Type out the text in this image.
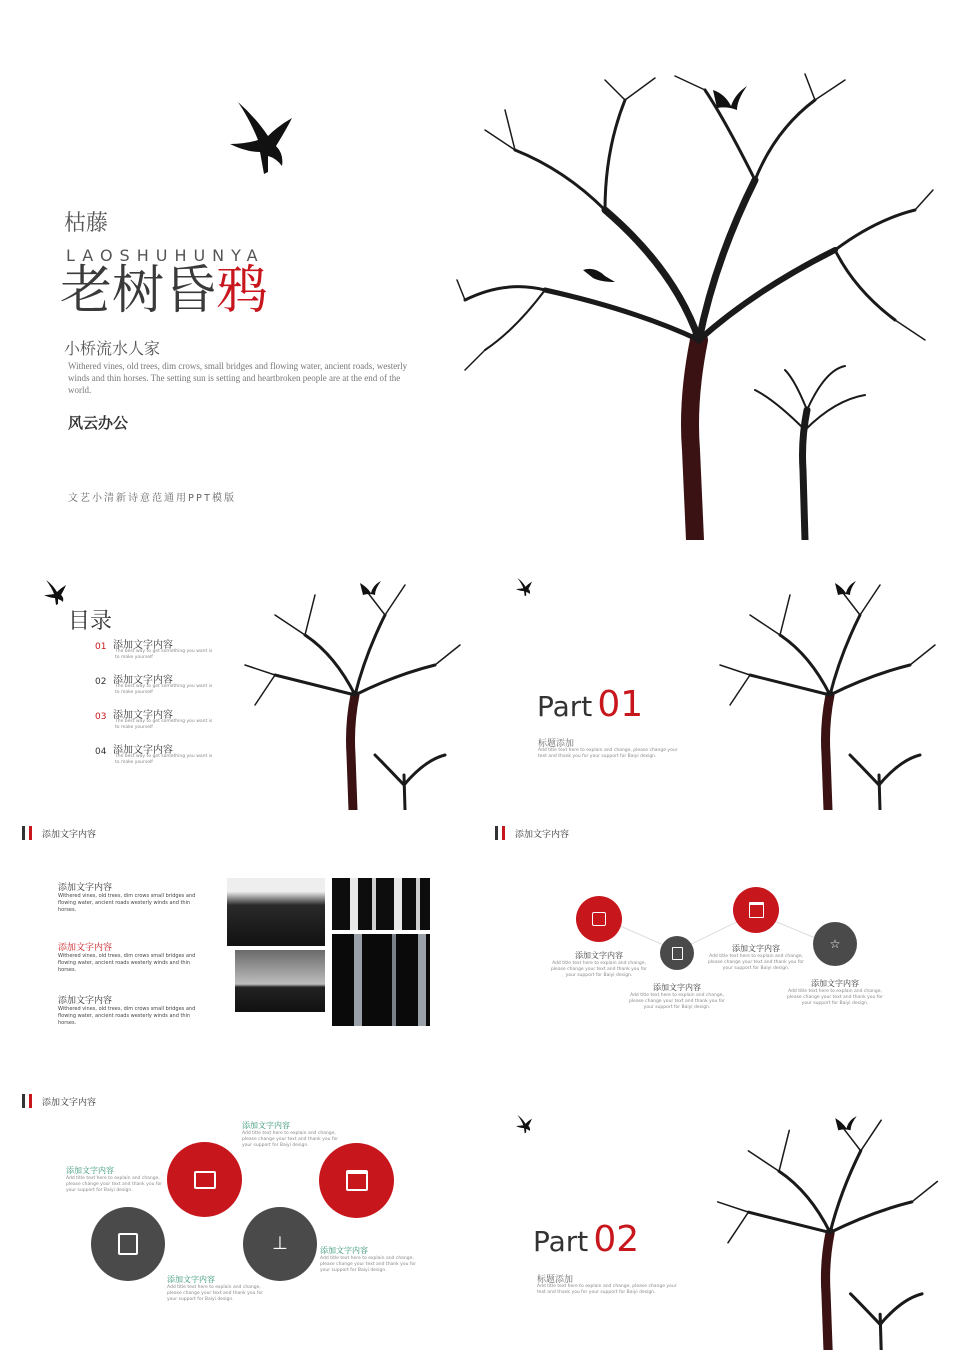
枯藤
LAOSHUHUNYA
老树昏鸦
小桥流水人家
Withered vines, old trees, dim crows, small bridges and flowing water, ancient roads, westerly winds and thin horses. The setting sun is setting and heartbroken people are at the end of the world.
风云办公
文艺小清新诗意范通用PPT模版
目录
01 添加文字内容
The best way to get something you want is to make yourself
02 添加文字内容
The best way to get something you want is to make yourself
03 添加文字内容
The best way to get something you want is to make yourself
04 添加文字内容
The best way to get something you want is to make yourself
Part 01
标题添加
Add title text here to explain and change, please change your text and thank you for your support for Baiyi design.
添加文字内容
添加文字内容
Withered vines, old trees, dim crows small bridges and flowing water, ancient roads westerly winds and thin horses.
添加文字内容
Withered vines, old trees, dim crows small bridges and flowing water, ancient roads westerly winds and thin horses.
添加文字内容
Withered vines, old trees, dim crows small bridges and flowing water, ancient roads westerly winds and thin horses.
添加文字内容
☆
添加文字内容
Add title text here to explain and change, please change your text and thank you for your support for Baiyi design.
添加文字内容
Add title text here to explain and change, please change your text and thank you for your support for Baiyi design.
添加文字内容
Add title text here to explain and change, please change your text and thank you for your support for Baiyi design.
添加文字内容
Add title text here to explain and change, please change your text and thank you for your support for Baiyi design.
添加文字内容
⊥
添加文字内容
Add title text here to explain and change, please change your text and thank you for your support for Baiyi design.
添加文字内容
Add title text here to explain and change, please change your text and thank you for your support for Baiyi design.
添加文字内容
Add title text here to explain and change, please change your text and thank you for your support for Baiyi design.
添加文字内容
Add title text here to explain and change, please change your text and thank you for your support for Baiyi design.
Part 02
标题添加
Add title text here to explain and change, please change your text and thank you for your support for Baiyi design.
